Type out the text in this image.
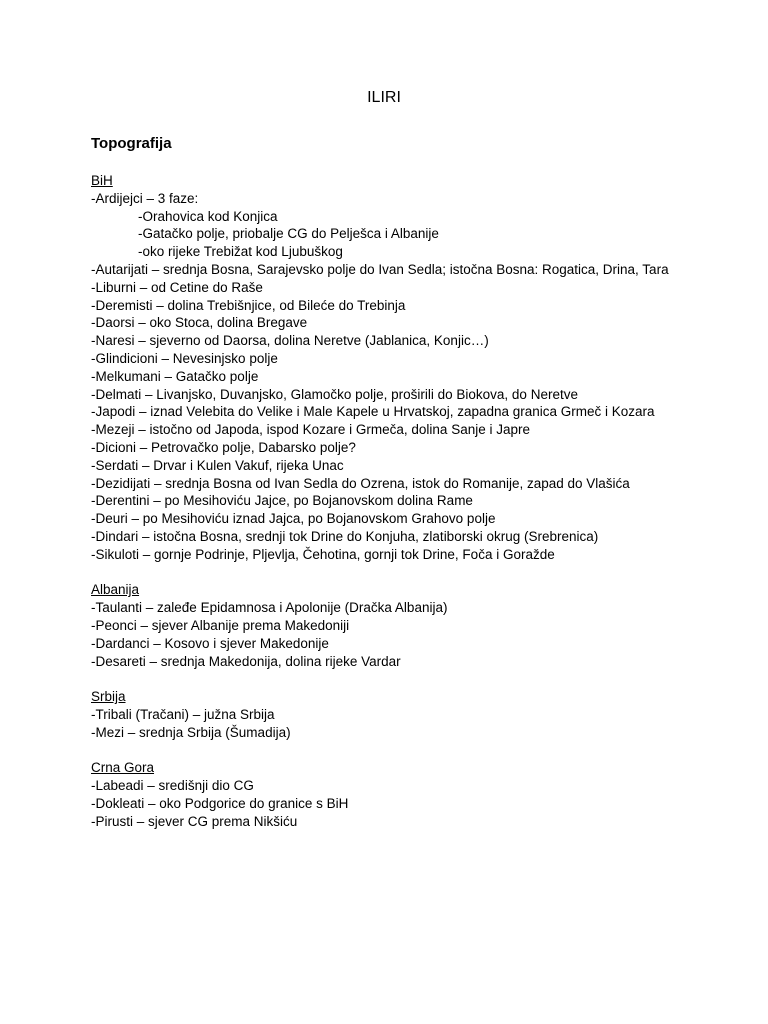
ILIRI
Topografija
BiH
-Ardijejci – 3 faze:
-Orahovica kod Konjica
-Gatačko polje, priobalje CG do Pelješca i Albanije
-oko rijeke Trebižat kod Ljubuškog
-Autarijati – srednja Bosna, Sarajevsko polje do Ivan Sedla; istočna Bosna: Rogatica, Drina, Tara
-Liburni – od Cetine do Raše
-Deremisti – dolina Trebišnjice, od Bileće do Trebinja
-Daorsi – oko Stoca, dolina Bregave
-Naresi – sjeverno od Daorsa, dolina Neretve (Jablanica, Konjic…)
-Glindicioni – Nevesinjsko polje
-Melkumani – Gatačko polje
-Delmati – Livanjsko, Duvanjsko, Glamočko polje, proširili do Biokova, do Neretve
-Japodi – iznad Velebita do Velike i Male Kapele u Hrvatskoj, zapadna granica Grmeč i Kozara
-Mezeji – istočno od Japoda, ispod Kozare i Grmeča, dolina Sanje i Japre
-Dicioni – Petrovačko polje, Dabarsko polje?
-Serdati – Drvar i Kulen Vakuf, rijeka Unac
-Dezidijati – srednja Bosna od Ivan Sedla do Ozrena, istok do Romanije, zapad do Vlašića
-Derentini – po Mesihoviću Jajce, po Bojanovskom dolina Rame
-Deuri – po Mesihoviću iznad Jajca, po Bojanovskom Grahovo polje
-Dindari – istočna Bosna, srednji tok Drine do Konjuha, zlatiborski okrug (Srebrenica)
-Sikuloti – gornje Podrinje, Pljevlja, Čehotina, gornji tok Drine, Foča i Goražde
Albanija
-Taulanti – zaleđe Epidamnosa i Apolonije (Dračka Albanija)
-Peonci – sjever Albanije prema Makedoniji
-Dardanci – Kosovo i sjever Makedonije
-Desareti – srednja Makedonija, dolina rijeke Vardar
Srbija
-Tribali (Tračani) – južna Srbija
-Mezi – srednja Srbija (Šumadija)
Crna Gora
-Labeadi – središnji dio CG
-Dokleati – oko Podgorice do granice s BiH
-Pirusti – sjever CG prema Nikšiću
